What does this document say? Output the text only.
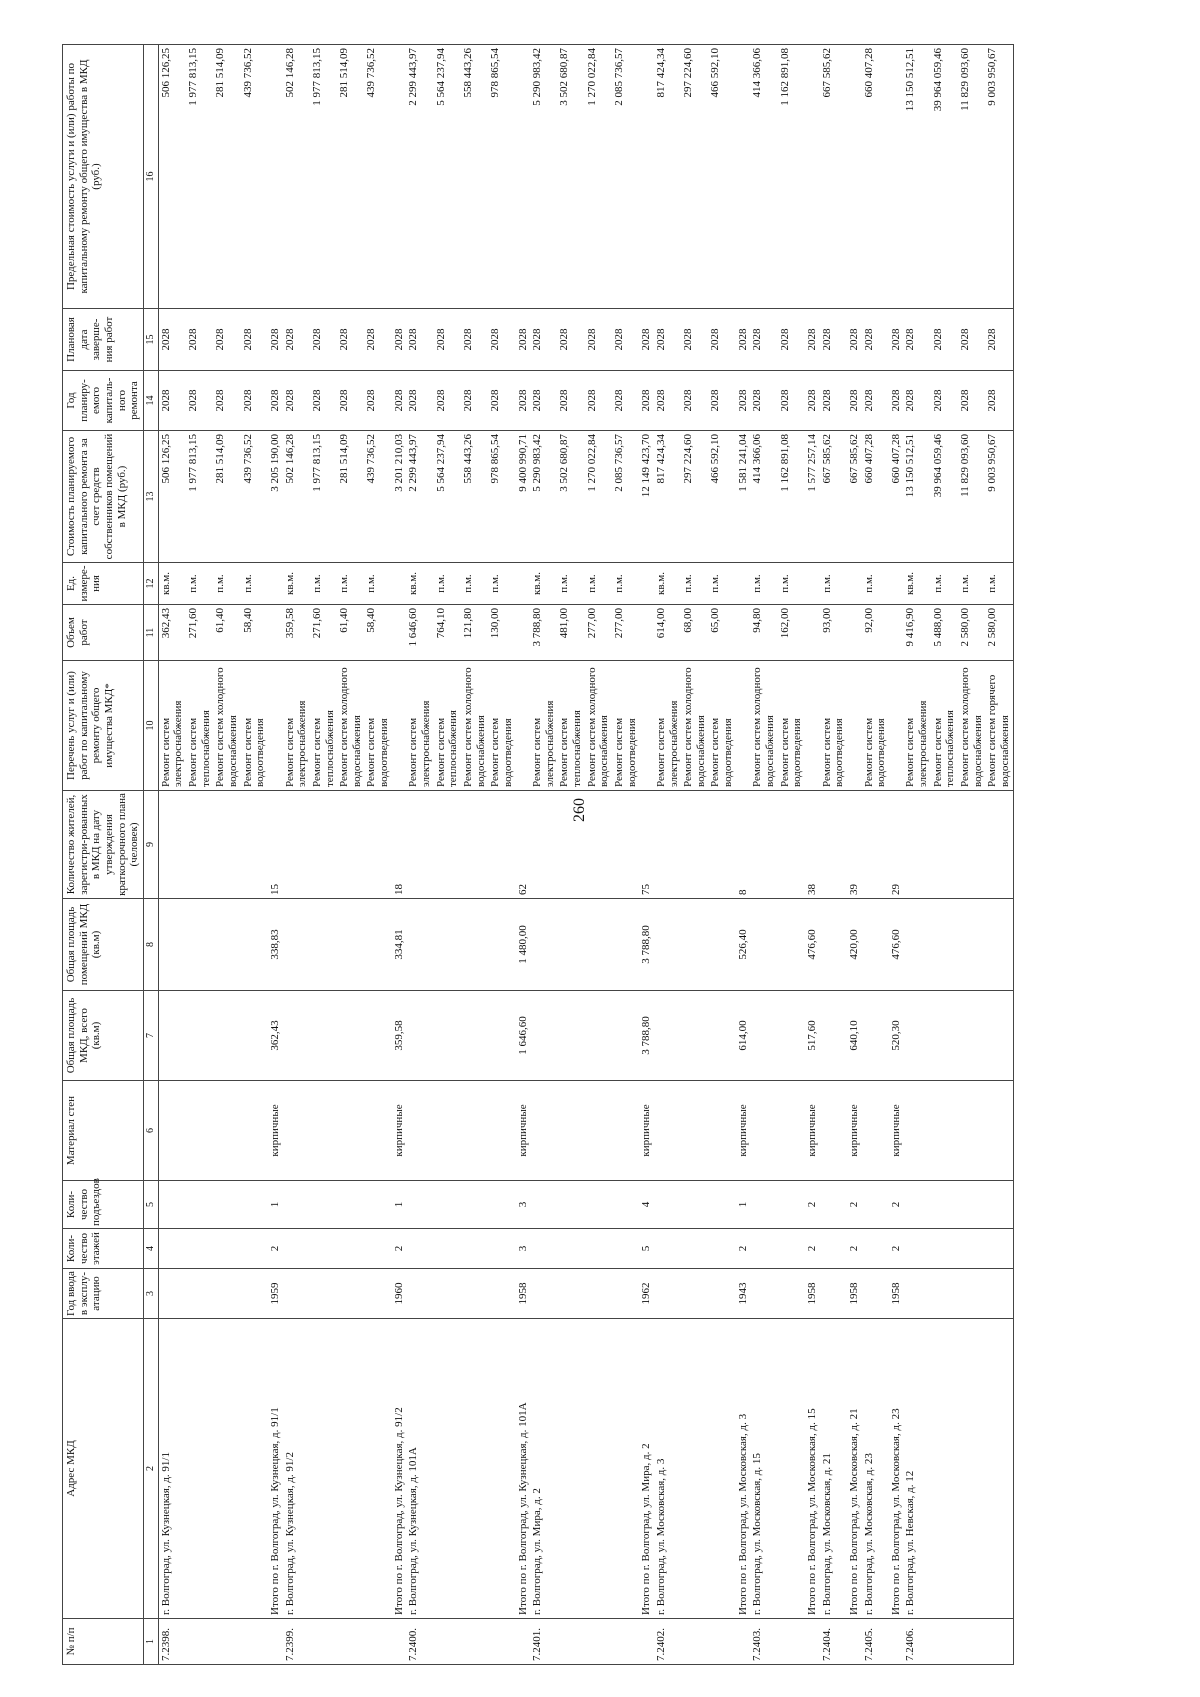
260
№ п/п	Адрес МКД	Год ввода в эксплу-атацию	Коли-чество этажей	Коли-чество подъездов	Материал стен	Общая площадь МКД, всего (кв.м)	Общая площадь помещений МКД (кв.м)	Количество жителей, зарегистри-рованных в МКД на дату утверждения краткосрочного плана (человек)	Перечень услуг и (или) работ по капитальному ремонту общего имущества МКД*	Объем работ	Ед. измере-ния	Стоимость планируемого капитального ремонта за счет средств собственников помещений в МКД (руб.)	Год планиру-емого капиталь-ного ремонта	Плановая дата заверше-ния работ	Предельная стоимость услуги и (или) работы по капитальному ремонту общего имущества в МКД (руб.)
1	2	3	4	5	6	7	8	9	10	11	12	13	14	15	16
7.2398.	г. Волгоград, ул. Кузнецкая, д. 91/1								Ремонт систем электроснабжения	362,43	кв.м.	506 126,25	2028	2028	506 126,25
									Ремонт систем теплоснабжения	271,60	п.м.	1 977 813,15	2028	2028	1 977 813,15
									Ремонт систем холодного водоснабжения	61,40	п.м.	281 514,09	2028	2028	281 514,09
									Ремонт систем водоотведения	58,40	п.м.	439 736,52	2028	2028	439 736,52
	Итого по г. Волгоград, ул. Кузнецкая, д. 91/1	1959	2	1	кирпичные	362,43	338,83	15				3 205 190,00	2028	2028	
7.2399.	г. Волгоград, ул. Кузнецкая, д. 91/2								Ремонт систем электроснабжения	359,58	кв.м.	502 146,28	2028	2028	502 146,28
									Ремонт систем теплоснабжения	271,60	п.м.	1 977 813,15	2028	2028	1 977 813,15
									Ремонт систем холодного водоснабжения	61,40	п.м.	281 514,09	2028	2028	281 514,09
									Ремонт систем водоотведения	58,40	п.м.	439 736,52	2028	2028	439 736,52
	Итого по г. Волгоград, ул. Кузнецкая, д. 91/2	1960	2	1	кирпичные	359,58	334,81	18				3 201 210,03	2028	2028	
7.2400.	г. Волгоград, ул. Кузнецкая, д. 101А								Ремонт систем электроснабжения	1 646,60	кв.м.	2 299 443,97	2028	2028	2 299 443,97
									Ремонт систем теплоснабжения	764,10	п.м.	5 564 237,94	2028	2028	5 564 237,94
									Ремонт систем холодного водоснабжения	121,80	п.м.	558 443,26	2028	2028	558 443,26
									Ремонт систем водоотведения	130,00	п.м.	978 865,54	2028	2028	978 865,54
	Итого по г. Волгоград, ул. Кузнецкая, д. 101А	1958	3	3	кирпичные	1 646,60	1 480,00	62				9 400 990,71	2028	2028	
7.2401.	г. Волгоград, ул. Мира, д. 2								Ремонт систем электроснабжения	3 788,80	кв.м.	5 290 983,42	2028	2028	5 290 983,42
									Ремонт систем теплоснабжения	481,00	п.м.	3 502 680,87	2028	2028	3 502 680,87
									Ремонт систем холодного водоснабжения	277,00	п.м.	1 270 022,84	2028	2028	1 270 022,84
									Ремонт систем водоотведения	277,00	п.м.	2 085 736,57	2028	2028	2 085 736,57
	Итого по г. Волгоград, ул. Мира, д. 2	1962	5	4	кирпичные	3 788,80	3 788,80	75				12 149 423,70	2028	2028	
7.2402.	г. Волгоград, ул. Московская, д. 3								Ремонт систем электроснабжения	614,00	кв.м.	817 424,34	2028	2028	817 424,34
									Ремонт систем холодного водоснабжения	68,00	п.м.	297 224,60	2028	2028	297 224,60
									Ремонт систем водоотведения	65,00	п.м.	466 592,10	2028	2028	466 592,10
	Итого по г. Волгоград, ул. Московская, д. 3	1943	2	1	кирпичные	614,00	526,40	8				1 581 241,04	2028	2028	
7.2403.	г. Волгоград, ул. Московская, д. 15								Ремонт систем холодного водоснабжения	94,80	п.м.	414 366,06	2028	2028	414 366,06
									Ремонт систем водоотведения	162,00	п.м.	1 162 891,08	2028	2028	1 162 891,08
	Итого по г. Волгоград, ул. Московская, д. 15	1958	2	2	кирпичные	517,60	476,60	38				1 577 257,14	2028	2028	
7.2404.	г. Волгоград, ул. Московская, д. 21								Ремонт систем водоотведения	93,00	п.м.	667 585,62	2028	2028	667 585,62
	Итого по г. Волгоград, ул. Московская, д. 21	1958	2	2	кирпичные	640,10	420,00	39				667 585,62	2028	2028	
7.2405.	г. Волгоград, ул. Московская, д. 23								Ремонт систем водоотведения	92,00	п.м.	660 407,28	2028	2028	660 407,28
	Итого по г. Волгоград, ул. Московская, д. 23	1958	2	2	кирпичные	520,30	476,60	29				660 407,28	2028	2028	
7.2406.	г. Волгоград, ул. Невская, д. 12								Ремонт систем электроснабжения	9 416,90	кв.м.	13 150 512,51	2028	2028	13 150 512,51
									Ремонт систем теплоснабжения	5 488,00	п.м.	39 964 059,46	2028	2028	39 964 059,46
									Ремонт систем холодного водоснабжения	2 580,00	п.м.	11 829 093,60	2028	2028	11 829 093,60
									Ремонт систем горячего водоснабжения	2 580,00	п.м.	9 003 950,67	2028	2028	9 003 950,67
